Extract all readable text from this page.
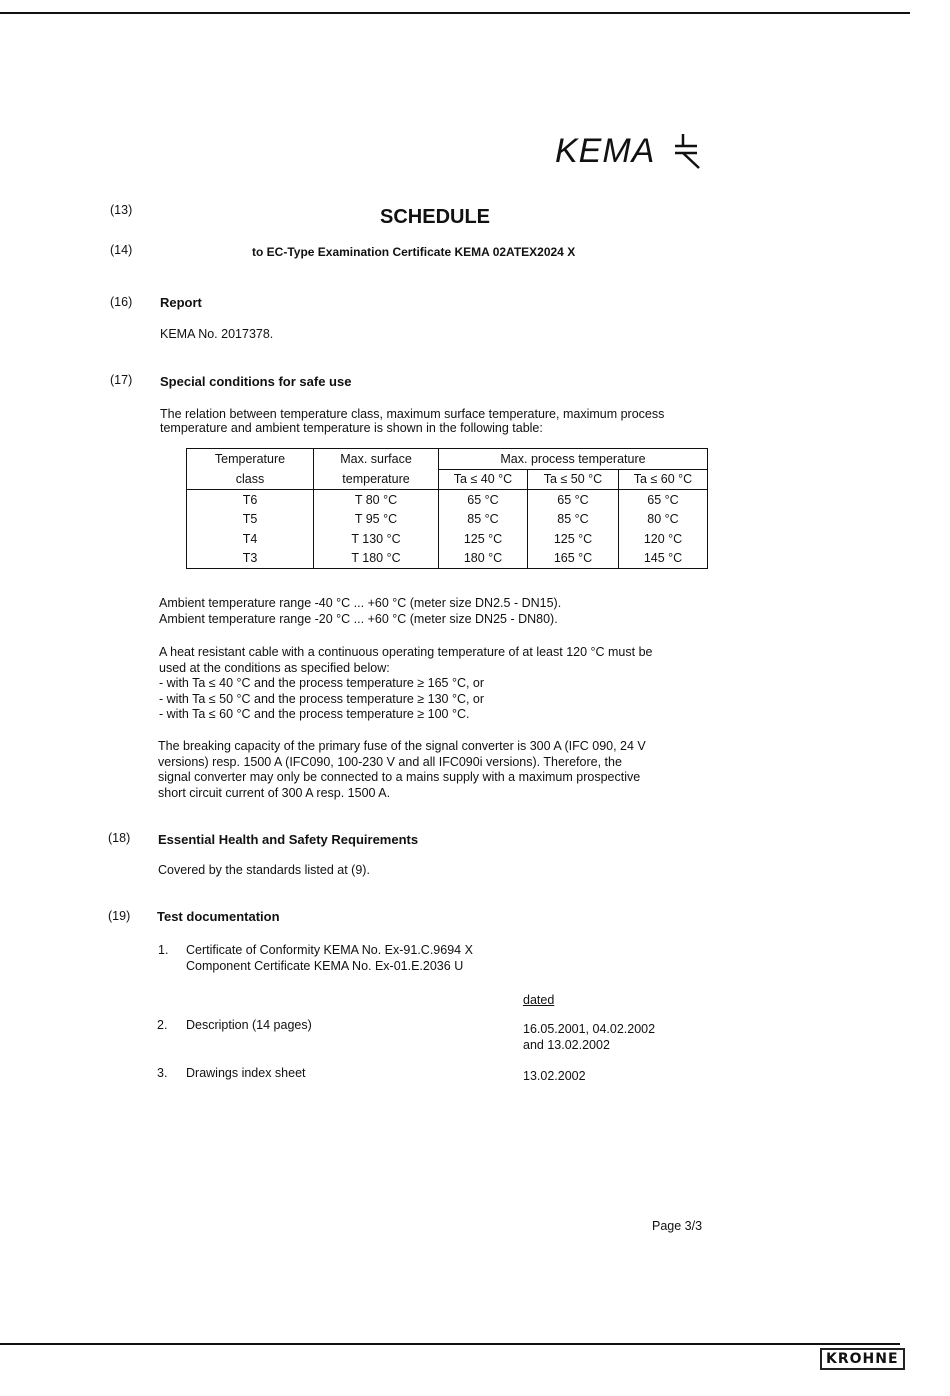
KEMA
(13)	SCHEDULE
(14)	to EC-Type Examination Certificate KEMA 02ATEX2024 X
(16) Report
KEMA No. 2017378.
(17) Special conditions for safe use
The relation between temperature class, maximum surface temperature, maximum process
temperature and ambient temperature is shown in the following table:
Temperature	Max. surface	Max. process temperature		
class	temperature	Ta ≤ 40 °C	Ta ≤ 50 °C	Ta ≤ 60 °C
T6	T 80 °C	65 °C	65 °C	65 °C
T5	T 95 °C	85 °C	85 °C	80 °C
T4	T 130 °C	125 °C	125 °C	120 °C
T3	T 180 °C	180 °C	165 °C	145 °C
Ambient temperature range -40 °C ... +60 °C (meter size DN2.5 - DN15).
Ambient temperature range -20 °C ... +60 °C (meter size DN25 - DN80).
A heat resistant cable with a continuous operating temperature of at least 120 °C must be
used at the conditions as specified below:
- with Ta ≤ 40 °C and the process temperature ≥ 165 °C, or
- with Ta ≤ 50 °C and the process temperature ≥ 130 °C, or
- with Ta ≤ 60 °C and the process temperature ≥ 100 °C.
The breaking capacity of the primary fuse of the signal converter is 300 A (IFC 090, 24 V
versions) resp. 1500 A (IFC090, 100-230 V and all IFC090i versions). Therefore, the
signal converter may only be connected to a mains supply with a maximum prospective
short circuit current of 300 A resp. 1500 A.
(18) Essential Health and Safety Requirements
Covered by the standards listed at (9).
(19) Test documentation
1. Certificate of Conformity KEMA No. Ex-91.C.9694 X
Component Certificate KEMA No. Ex-01.E.2036 U
dated
2. Description (14 pages)	16.05.2001, 04.02.2002
and 13.02.2002
3. Drawings index sheet	13.02.2002
Page 3/3
KROHNE
